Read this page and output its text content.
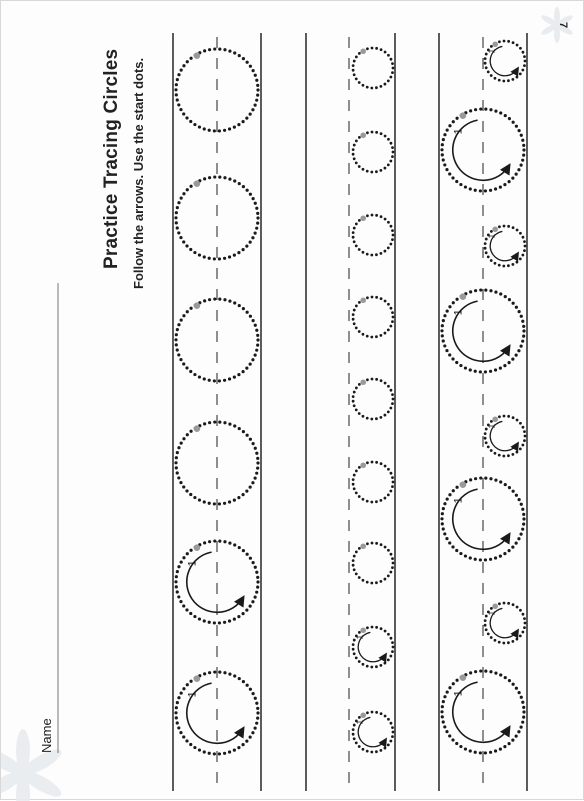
1
1
1
1
1
1
1
1
1
1
1
1
Practice Tracing Circles Follow the arrows. Use the start dots.
Name
7
